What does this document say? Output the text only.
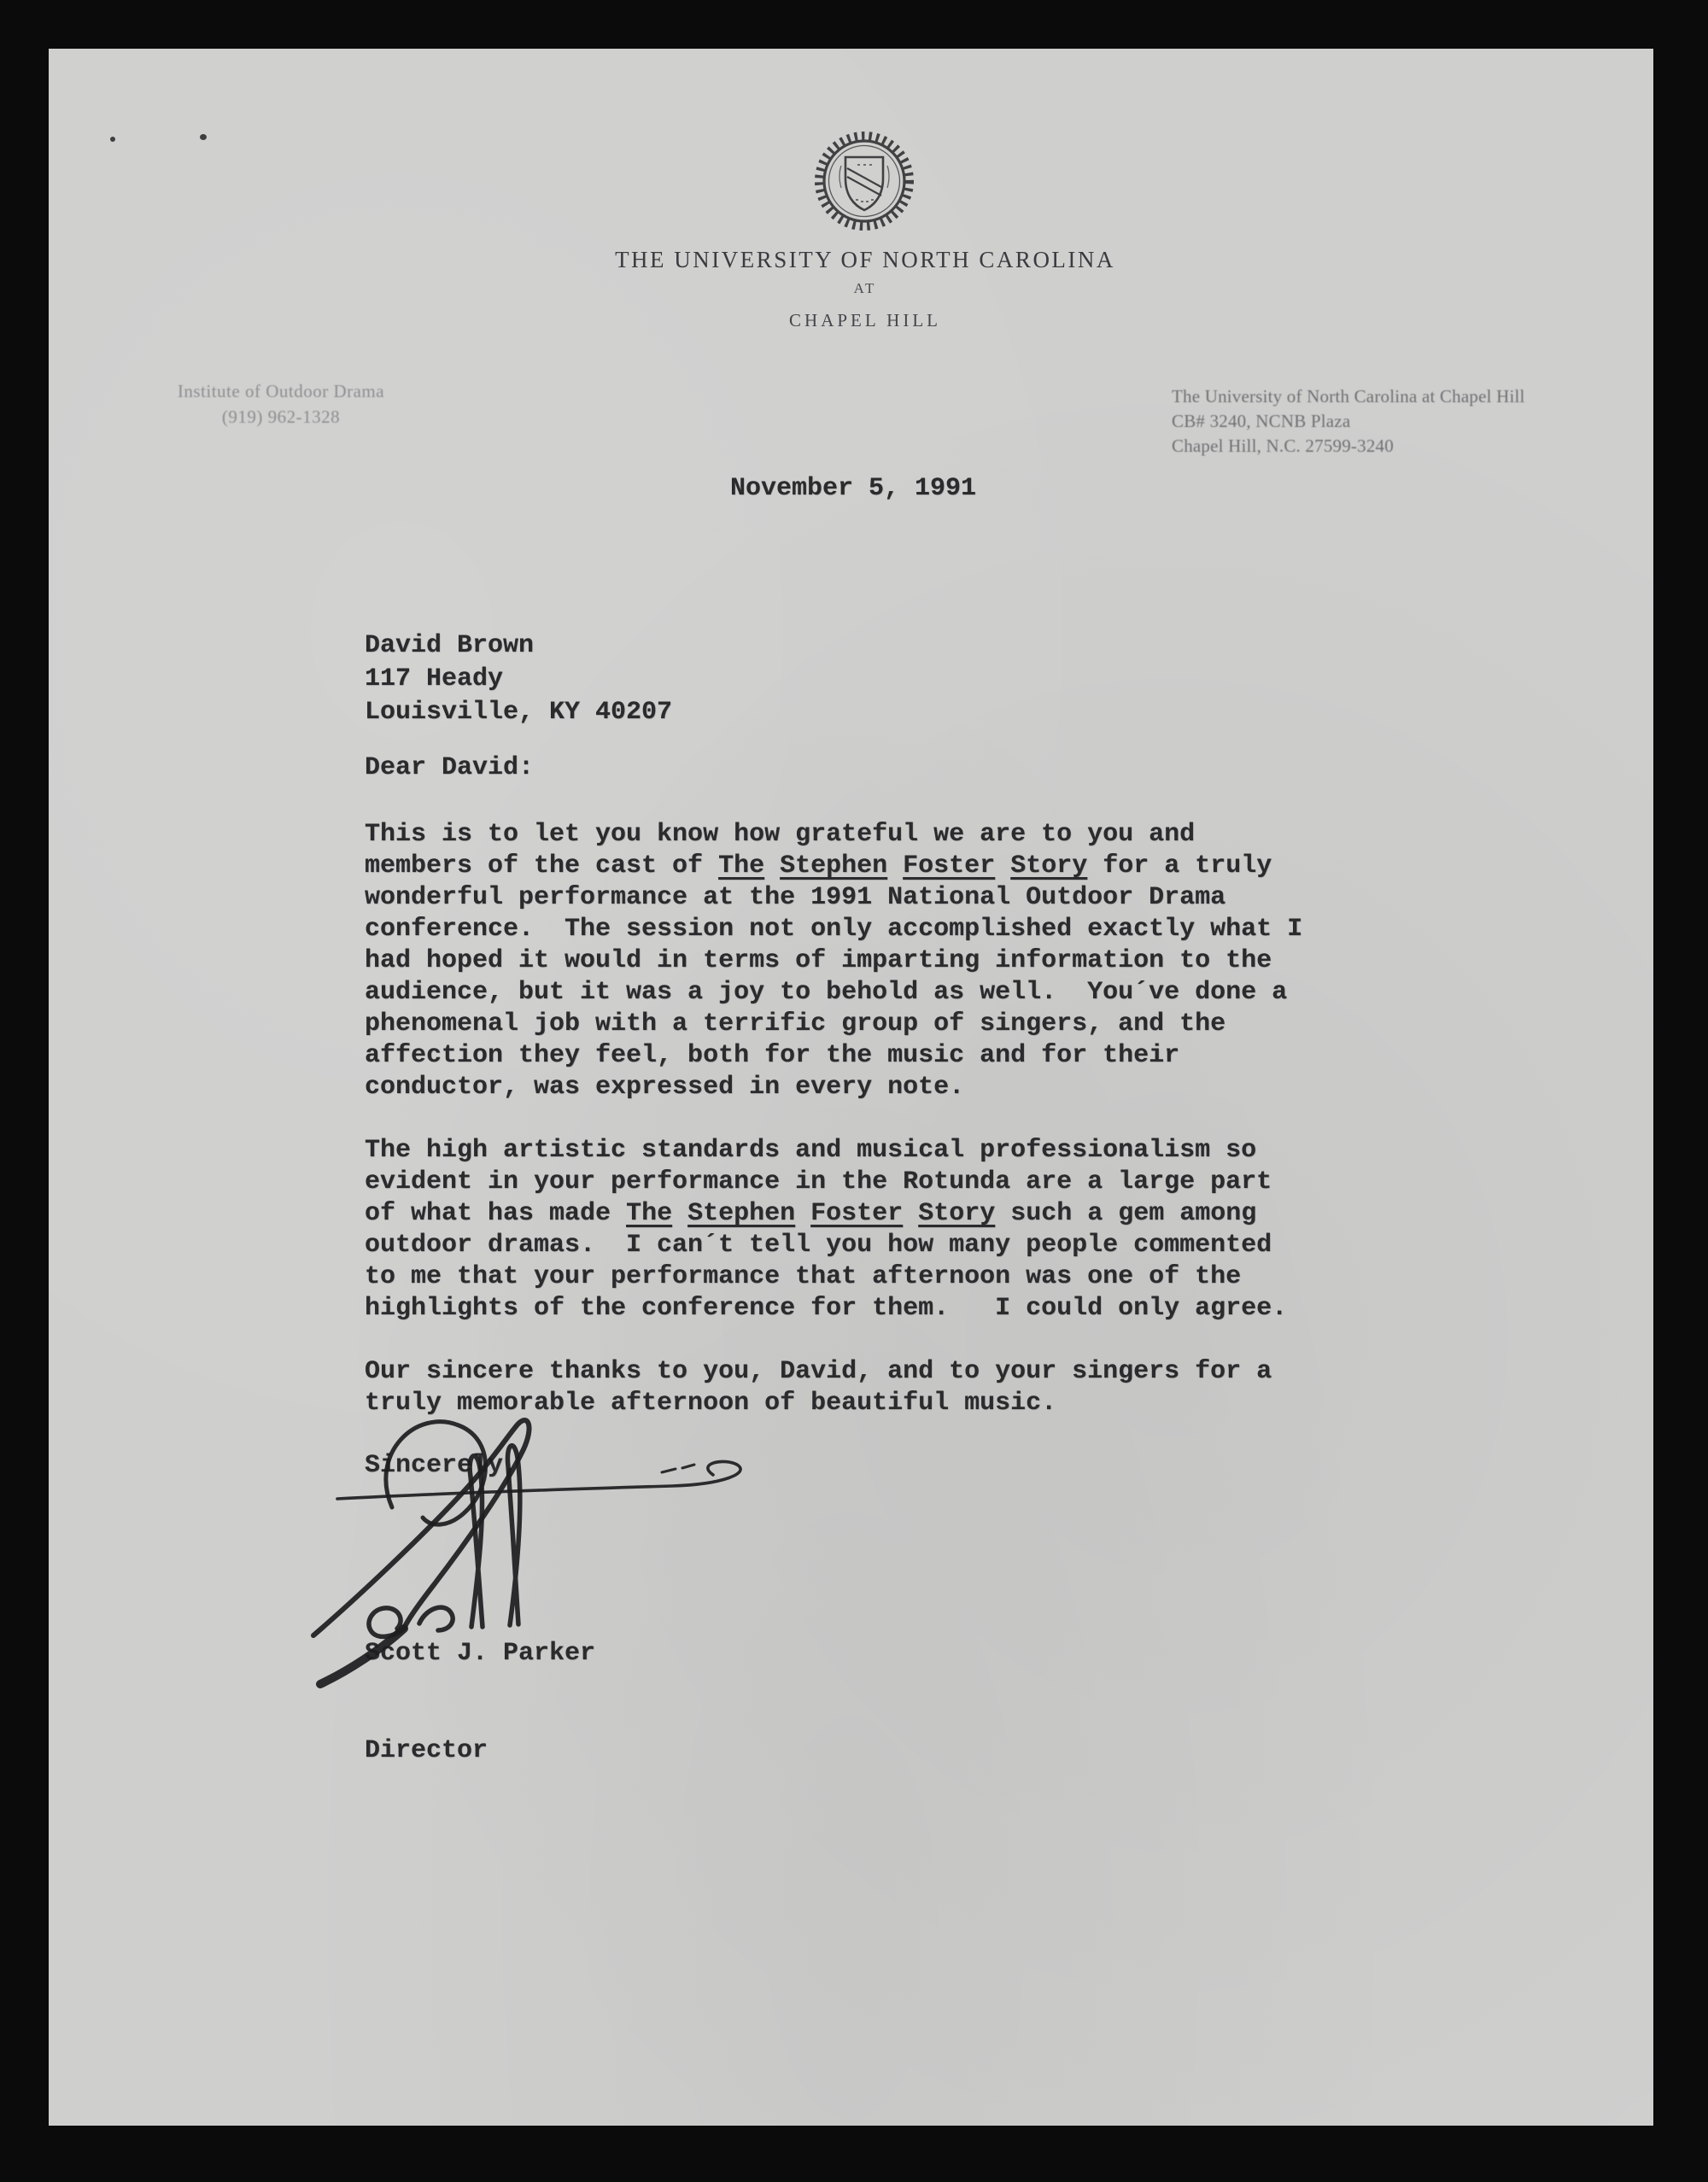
THE UNIVERSITY OF NORTH CAROLINA
AT
CHAPEL HILL
Institute of Outdoor Drama
(919) 962-1328
The University of North Carolina at Chapel Hill
CB# 3240, NCNB Plaza
Chapel Hill, N.C. 27599-3240
November 5, 1991
David Brown
117 Heady
Louisville, KY 40207
Dear David:
This is to let you know how grateful we are to you and
members of the cast of The Stephen Foster Story for a truly
wonderful performance at the 1991 National Outdoor Drama
conference.  The session not only accomplished exactly what I
had hoped it would in terms of imparting information to the
audience, but it was a joy to behold as well.  You´ve done a
phenomenal job with a terrific group of singers, and the
affection they feel, both for the music and for their
conductor, was expressed in every note.
The high artistic standards and musical professionalism so
evident in your performance in the Rotunda are a large part
of what has made The Stephen Foster Story such a gem among
outdoor dramas.  I can´t tell you how many people commented
to me that your performance that afternoon was one of the
highlights of the conference for them.   I could only agree.
Our sincere thanks to you, David, and to your singers for a
truly memorable afternoon of beautiful music.
Sincerely,

Scott J. Parker

Director
